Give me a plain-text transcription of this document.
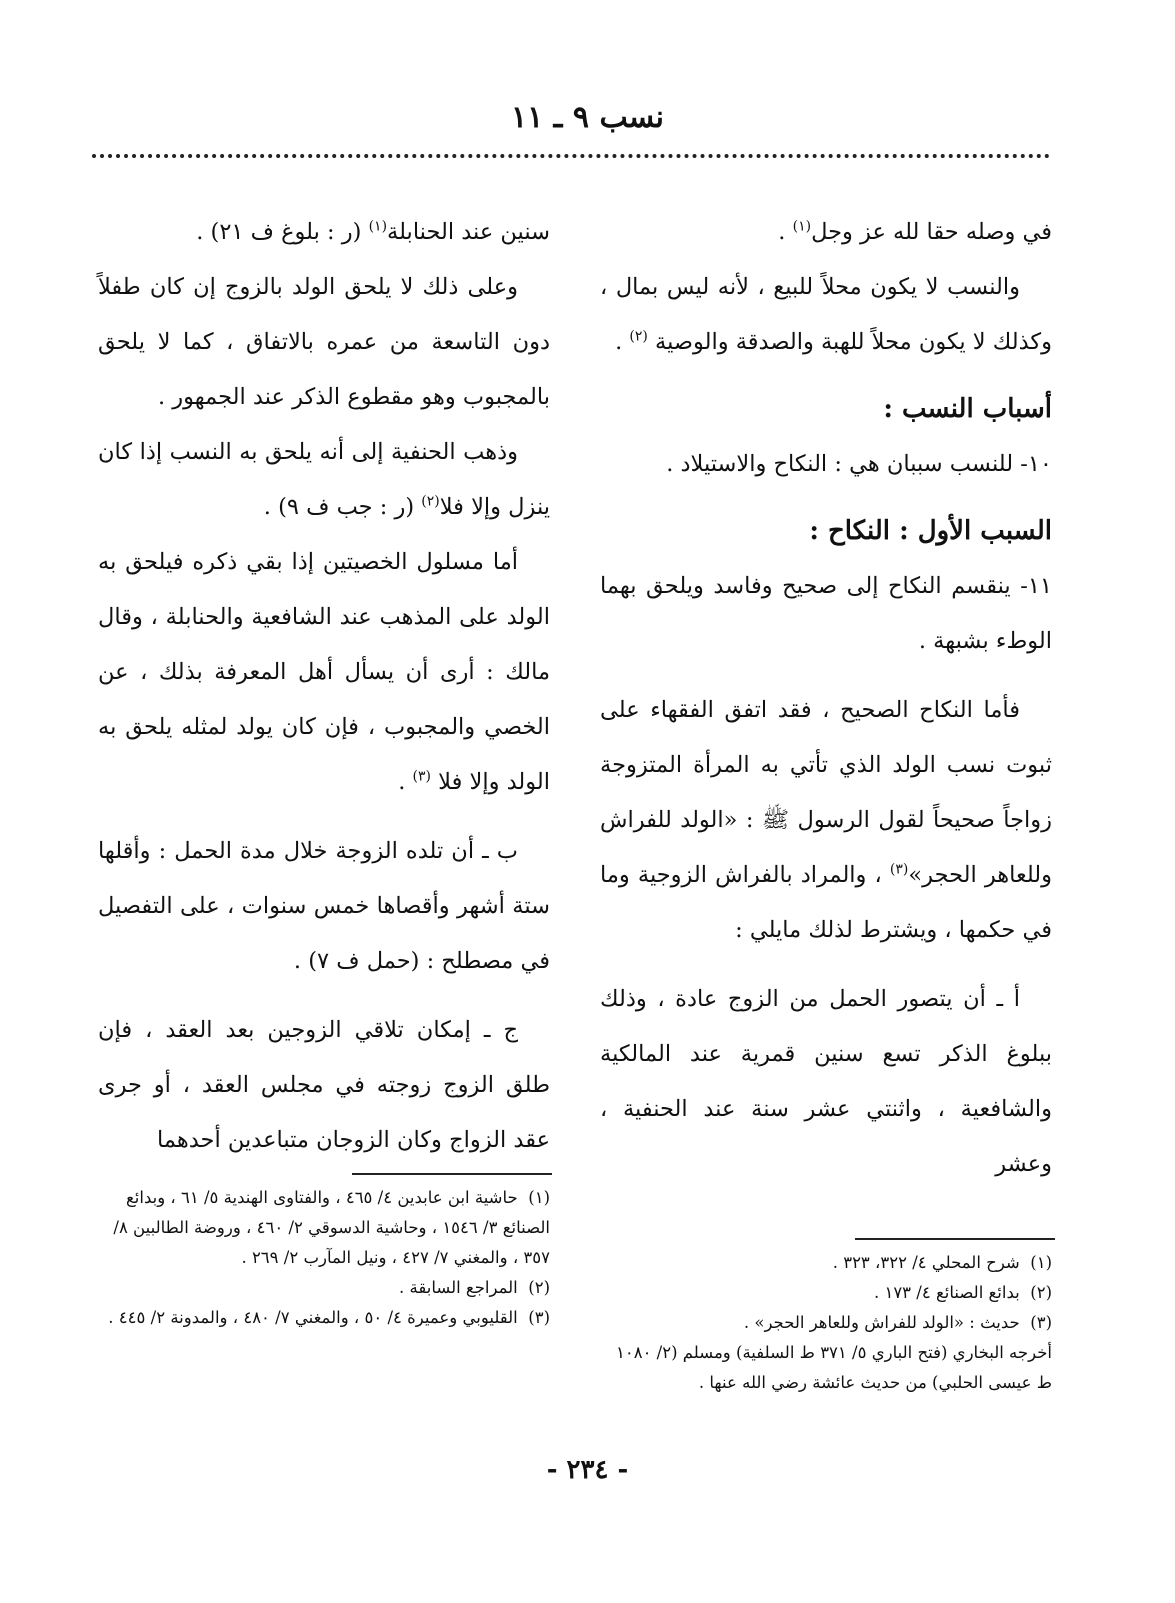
نسب ٩ ـ ١١

في وصله حقا لله عز وجل$^{(١)}$ .

والنسب لا يكون محلاً للبيع ، لأنه ليس بمال ، وكذلك لا يكون محلاً للهبة والصدقة والوصية $^{(٢)}$ .

أسباب النسب :

١٠- للنسب سببان هي : النكاح والاستيلاد .

السبب الأول : النكاح :

١١- ينقسم النكاح إلى صحيح وفاسد ويلحق بهما الوطء بشبهة .

فأما النكاح الصحيح ، فقد اتفق الفقهاء على ثبوت نسب الولد الذي تأتي به المرأة المتزوجة زواجاً صحيحاً لقول الرسول ﷺ : «الولد للفراش وللعاهر الحجر»$^{(٣)}$ ، والمراد بالفراش الزوجية وما في حكمها ، ويشترط لذلك مايلي :

أ ـ أن يتصور الحمل من الزوج عادة ، وذلك ببلوغ الذكر تسع سنين قمرية عند المالكية والشافعية ، واثنتي عشر سنة عند الحنفية ، وعشر

(١)  شرح المحلي ٤/ ٣٢٢، ٣٢٣ .

(٢)  بدائع الصنائع ٤/ ١٧٣ .

(٣)  حديث : «الولد للفراش وللعاهر الحجر» .

أخرجه البخاري (فتح الباري ٥/ ٣٧١ ط السلفية) ومسلم (٢/ ١٠٨٠ ط عيسى الحلبي) من حديث عائشة رضي الله عنها .

سنين عند الحنابلة$^{(١)}$ (ر : بلوغ ف ٢١) .

وعلى ذلك لا يلحق الولد بالزوج إن كان طفلاً دون التاسعة من عمره بالاتفاق ، كما لا يلحق بالمجبوب وهو مقطوع الذكر عند الجمهور .

وذهب الحنفية إلى أنه يلحق به النسب إذا كان ينزل وإلا فلا$^{(٢)}$ (ر : جب ف ٩) .

أما مسلول الخصيتين إذا بقي ذكره فيلحق به الولد على المذهب عند الشافعية والحنابلة ، وقال مالك : أرى أن يسأل أهل المعرفة بذلك ، عن الخصي والمجبوب ، فإن كان يولد لمثله يلحق به الولد وإلا فلا $^{(٣)}$ .

ب ـ أن تلده الزوجة خلال مدة الحمل : وأقلها ستة أشهر وأقصاها خمس سنوات ، على التفصيل في مصطلح : (حمل ف ٧) .

ج ـ إمكان تلاقي الزوجين بعد العقد ، فإن طلق الزوج زوجته في مجلس العقد ، أو جرى عقد الزواج وكان الزوجان متباعدين أحدهما

(١)  حاشية ابن عابدين ٤/ ٤٦٥ ، والفتاوى الهندية ٥/ ٦١ ، وبدائع الصنائع ٣/ ١٥٤٦ ، وحاشية الدسوقي ٢/ ٤٦٠ ، وروضة الطالبين ٨/ ٣٥٧ ، والمغني ٧/ ٤٢٧ ، ونيل المآرب ٢/ ٢٦٩ .

(٢)  المراجع السابقة .

(٣)  القليوبي وعميرة ٤/ ٥٠ ، والمغني ٧/ ٤٨٠ ، والمدونة ٢/ ٤٤٥ .

- ٢٣٤ -
